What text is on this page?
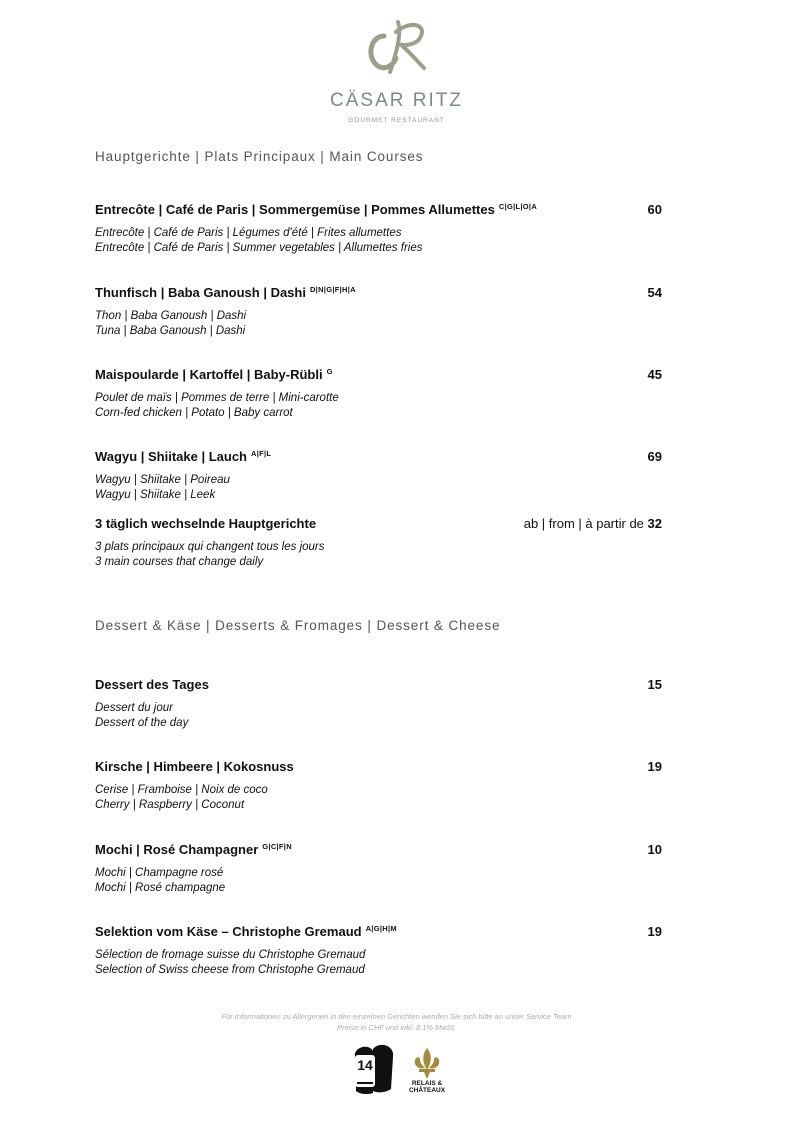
CÄSAR RITZ
GOURMET RESTAURANT
Hauptgerichte | Plats Principaux | Main Courses
Entrecôte | Café de Paris | Sommergemüse | Pommes Allumettes $^{C|G|L|O|A}$	60
Entrecôte | Café de Paris | Légumes d'été | Frites allumettes
Entrecôte | Café de Paris | Summer vegetables | Allumettes fries
Thunfisch | Baba Ganoush | Dashi $^{D|N|G|F|H|A}$	54
Thon | Baba Ganoush | Dashi
Tuna | Baba Ganoush | Dashi
Maispoularde | Kartoffel | Baby-Rübli $^G$	45
Poulet de maïs | Pommes de terre | Mini-carotte
Corn-fed chicken | Potato | Baby carrot
Wagyu | Shiitake | Lauch $^{A|F|L}$	69
Wagyu | Shiitake | Poireau
Wagyu | Shiitake | Leek
3 täglich wechselnde Hauptgerichte	ab | from | à partir de 32
3 plats principaux qui changent tous les jours
3 main courses that change daily
Dessert & Käse | Desserts & Fromages | Dessert & Cheese
Dessert des Tages	15
Dessert du jour
Dessert of the day
Kirsche | Himbeere | Kokosnuss	19
Cerise | Framboise | Noix de coco
Cherry | Raspberry | Coconut
Mochi | Rosé Champagner $^{G|C|F|N}$	10
Mochi | Champagne rosé
Mochi | Rosé champagne
Selektion vom Käse – Christophe Gremaud $^{A|G|H|M}$	19
Sélection de fromage suisse du Christophe Gremaud
Selection of Swiss cheese from Christophe Gremaud
Für Informationen zu Allergenen in den einzelnen Gerichten wenden Sie sich bitte an unser Service Team
Preise in CHF und inkl. 8.1% MwSt.
14
RELAIS &
CHÂTEAUX
